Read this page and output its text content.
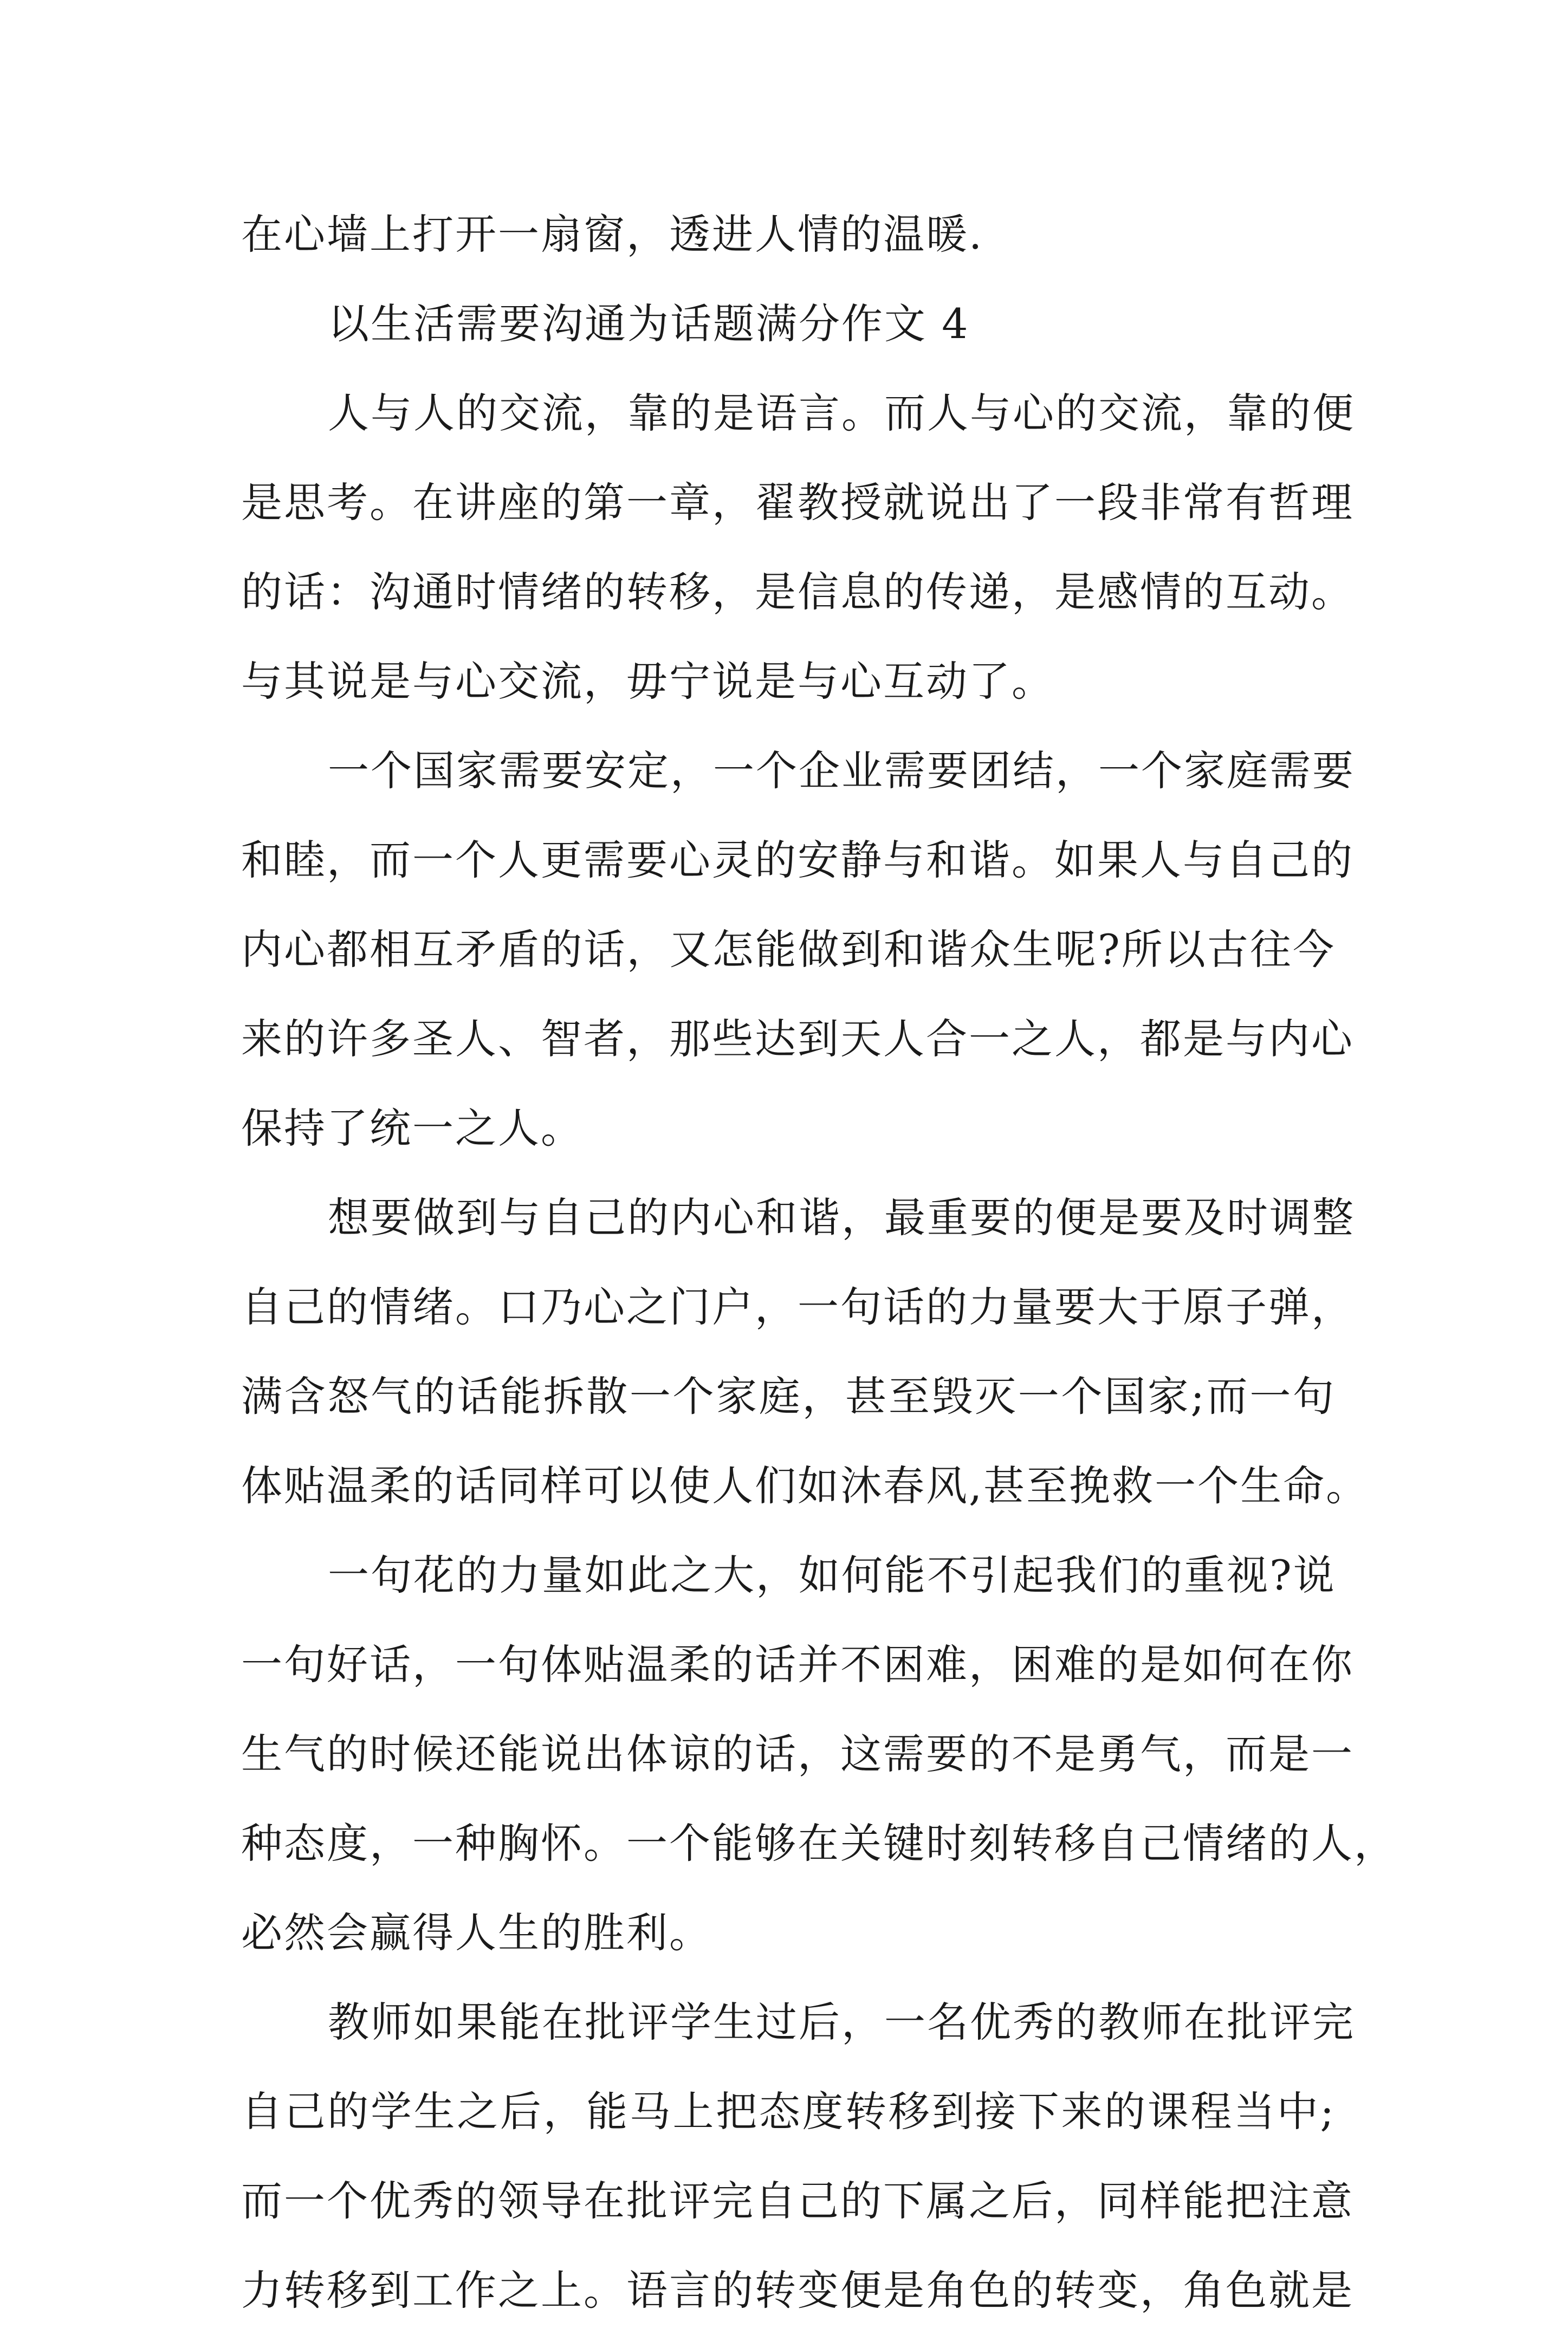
在心墙上打开一扇窗，透进人情的温暖.
以生活需要沟通为话题满分作文 4
人与人的交流，靠的是语言。而人与心的交流，靠的便
是思考。在讲座的第一章，翟教授就说出了一段非常有哲理
的话：沟通时情绪的转移，是信息的传递，是感情的互动。
与其说是与心交流，毋宁说是与心互动了。
一个国家需要安定，一个企业需要团结，一个家庭需要
和睦，而一个人更需要心灵的安静与和谐。如果人与自己的
内心都相互矛盾的话，又怎能做到和谐众生呢?所以古往今
来的许多圣人、智者，那些达到天人合一之人，都是与内心
保持了统一之人。
想要做到与自己的内心和谐，最重要的便是要及时调整
自己的情绪。口乃心之门户，一句话的力量要大于原子弹，
满含怒气的话能拆散一个家庭，甚至毁灭一个国家;而一句
体贴温柔的话同样可以使人们如沐春风,甚至挽救一个生命。
一句花的力量如此之大，如何能不引起我们的重视?说
一句好话，一句体贴温柔的话并不困难，困难的是如何在你
生气的时候还能说出体谅的话，这需要的不是勇气，而是一
种态度，一种胸怀。一个能够在关键时刻转移自己情绪的人，
必然会赢得人生的胜利。
教师如果能在批评学生过后，一名优秀的教师在批评完
自己的学生之后，能马上把态度转移到接下来的课程当中;
而一个优秀的领导在批评完自己的下属之后，同样能把注意
力转移到工作之上。语言的转变便是角色的转变，角色就是
